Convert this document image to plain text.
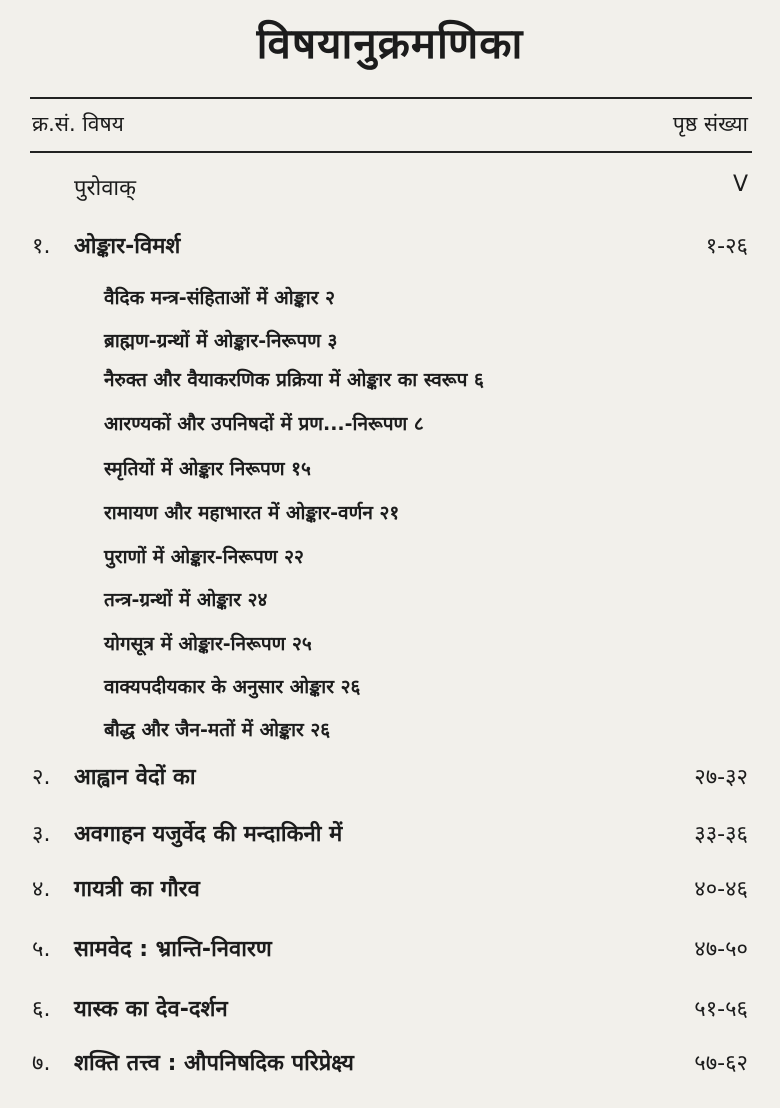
विषयानुक्रमणिका
क्र.सं. विषय	पृष्ठ संख्या
पुरोवाक्	V
१.	ओङ्कार-विमर्श	१-२६
वैदिक मन्त्र-संहिताओं में ओङ्कार २
ब्राह्मण-ग्रन्थों में ओङ्कार-निरूपण ३
नैरुक्त और वैयाकरणिक प्रक्रिया में ओङ्कार का स्वरूप ६
आरण्यकों और उपनिषदों में प्रण...-निरूपण ८
स्मृतियों में ओङ्कार निरूपण १५
रामायण और महाभारत में ओङ्कार-वर्णन २१
पुराणों में ओङ्कार-निरूपण २२
तन्त्र-ग्रन्थों में ओङ्कार २४
योगसूत्र में ओङ्कार-निरूपण २५
वाक्यपदीयकार के अनुसार ओङ्कार २६
बौद्ध और जैन-मतों में ओङ्कार २६
२.	आह्वान वेदों का	२७-३२
३.	अवगाहन यजुर्वेद की मन्दाकिनी में	३३-३६
४.	गायत्री का गौरव	४०-४६
५.	सामवेद : भ्रान्ति-निवारण	४७-५०
६.	यास्क का देव-दर्शन	५१-५६
७.	शक्ति तत्त्व : औपनिषदिक परिप्रेक्ष्य	५७-६२
